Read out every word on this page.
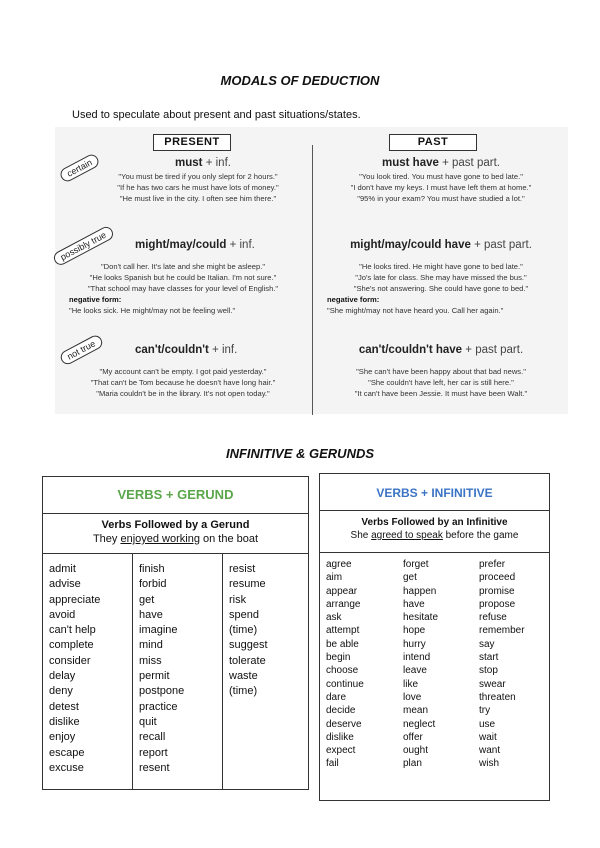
MODALS OF DEDUCTION
Used to speculate about present and past situations/states.
PRESENT
must + inf.
"You must be tired if you only slept for 2 hours."
"If he has two cars he must have lots of money."
"He must live in the city. I often see him there."
might/may/could + inf.
"Don't call her. It's late and she might be asleep."
"He looks Spanish but he could be Italian. I'm not sure."
"That school may have classes for your level of English."
negative form:
"He looks sick. He might/may not be feeling well."
can't/couldn't + inf.
"My account can't be empty. I got paid yesterday."
"That can't be Tom because he doesn't have long hair."
"Maria couldn't be in the library. It's not open today."
certain
possibly true
not true
PAST
must have + past part.
"You look tired. You must have gone to bed late."
"I don't have my keys. I must have left them at home."
"95% in your exam? You must have studied a lot."
might/may/could have + past part.
"He looks tired. He might have gone to bed late."
"Jo's late for class. She may have missed the bus."
"She's not answering. She could have gone to bed."
negative form:
"She might/may not have heard you. Call her again."
can't/couldn't have + past part.
"She can't have been happy about that bad news."
"She couldn't have left, her car is still here."
"It can't have been Jessie. It must have been Walt."
INFINITIVE & GERUNDS
VERBS + GERUND
Verbs Followed by a Gerund
They enjoyed working on the boat
admit
advise
appreciate
avoid
can't help
complete
consider
delay
deny
detest
dislike
enjoy
escape
excuse
finish
forbid
get
have
imagine
mind
miss
permit
postpone
practice
quit
recall
report
resent
resist
resume
risk
spend
(time)
suggest
tolerate
waste
(time)
VERBS + INFINITIVE
Verbs Followed by an Infinitive
She agreed to speak before the game
agree
aim
appear
arrange
ask
attempt
be able
begin
choose
continue
dare
decide
deserve
dislike
expect
fail
forget
get
happen
have
hesitate
hope
hurry
intend
leave
like
love
mean
neglect
offer
ought
plan
prefer
proceed
promise
propose
refuse
remember
say
start
stop
swear
threaten
try
use
wait
want
wish
